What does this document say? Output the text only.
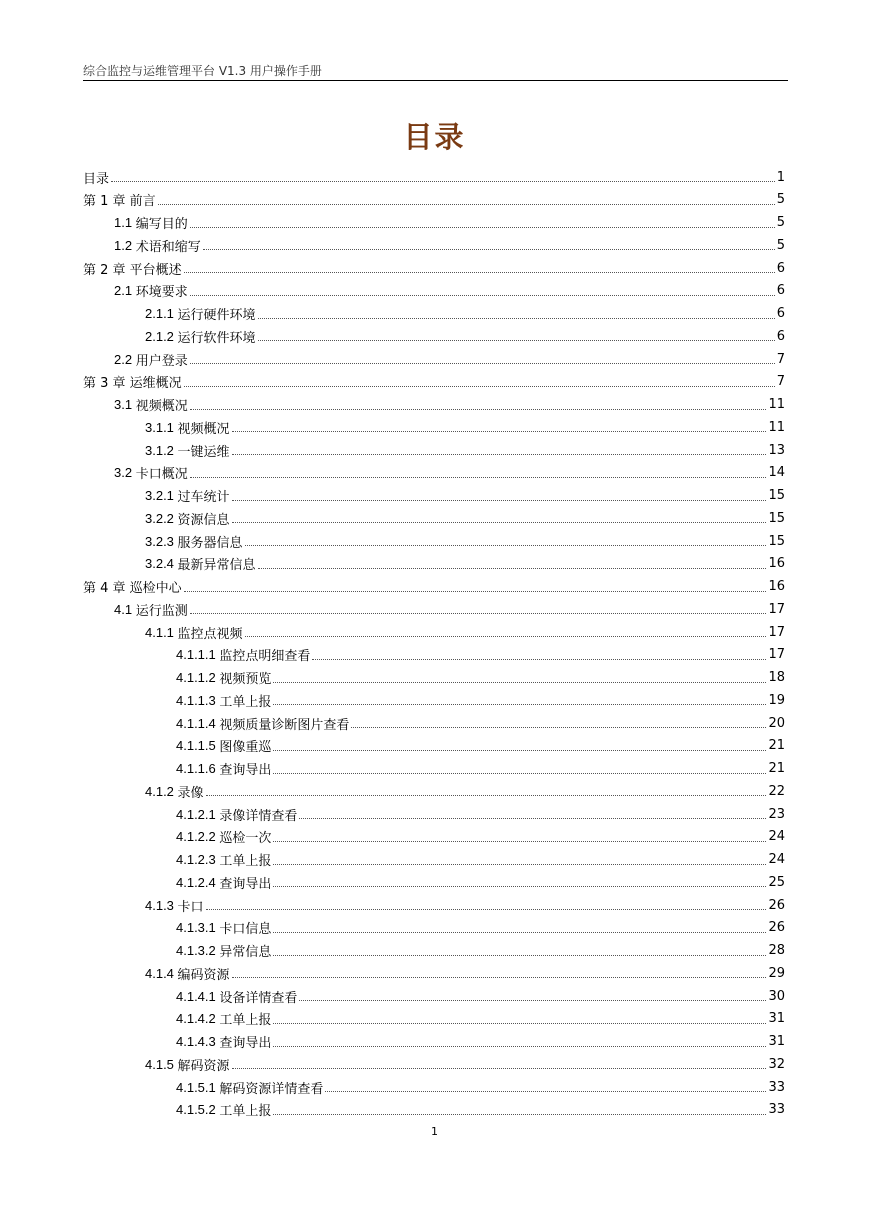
综合监控与运维管理平台 V1.3 用户操作手册
目录
目录	1
第 1 章 前言	5
1.1 编写目的	5
1.2 术语和缩写	5
第 2 章 平台概述	6
2.1 环境要求	6
2.1.1 运行硬件环境	6
2.1.2 运行软件环境	6
2.2 用户登录	7
第 3 章 运维概况	7
3.1 视频概况	11
3.1.1 视频概况	11
3.1.2 一键运维	13
3.2 卡口概况	14
3.2.1 过车统计	15
3.2.2 资源信息	15
3.2.3 服务器信息	15
3.2.4 最新异常信息	16
第 4 章 巡检中心	16
4.1 运行监测	17
4.1.1 监控点视频	17
4.1.1.1 监控点明细查看	17
4.1.1.2 视频预览	18
4.1.1.3 工单上报	19
4.1.1.4 视频质量诊断图片查看	20
4.1.1.5 图像重巡	21
4.1.1.6 查询导出	21
4.1.2 录像	22
4.1.2.1 录像详情查看	23
4.1.2.2 巡检一次	24
4.1.2.3 工单上报	24
4.1.2.4 查询导出	25
4.1.3 卡口	26
4.1.3.1 卡口信息	26
4.1.3.2 异常信息	28
4.1.4 编码资源	29
4.1.4.1 设备详情查看	30
4.1.4.2 工单上报	31
4.1.4.3 查询导出	31
4.1.5 解码资源	32
4.1.5.1 解码资源详情查看	33
4.1.5.2 工单上报	33
1
